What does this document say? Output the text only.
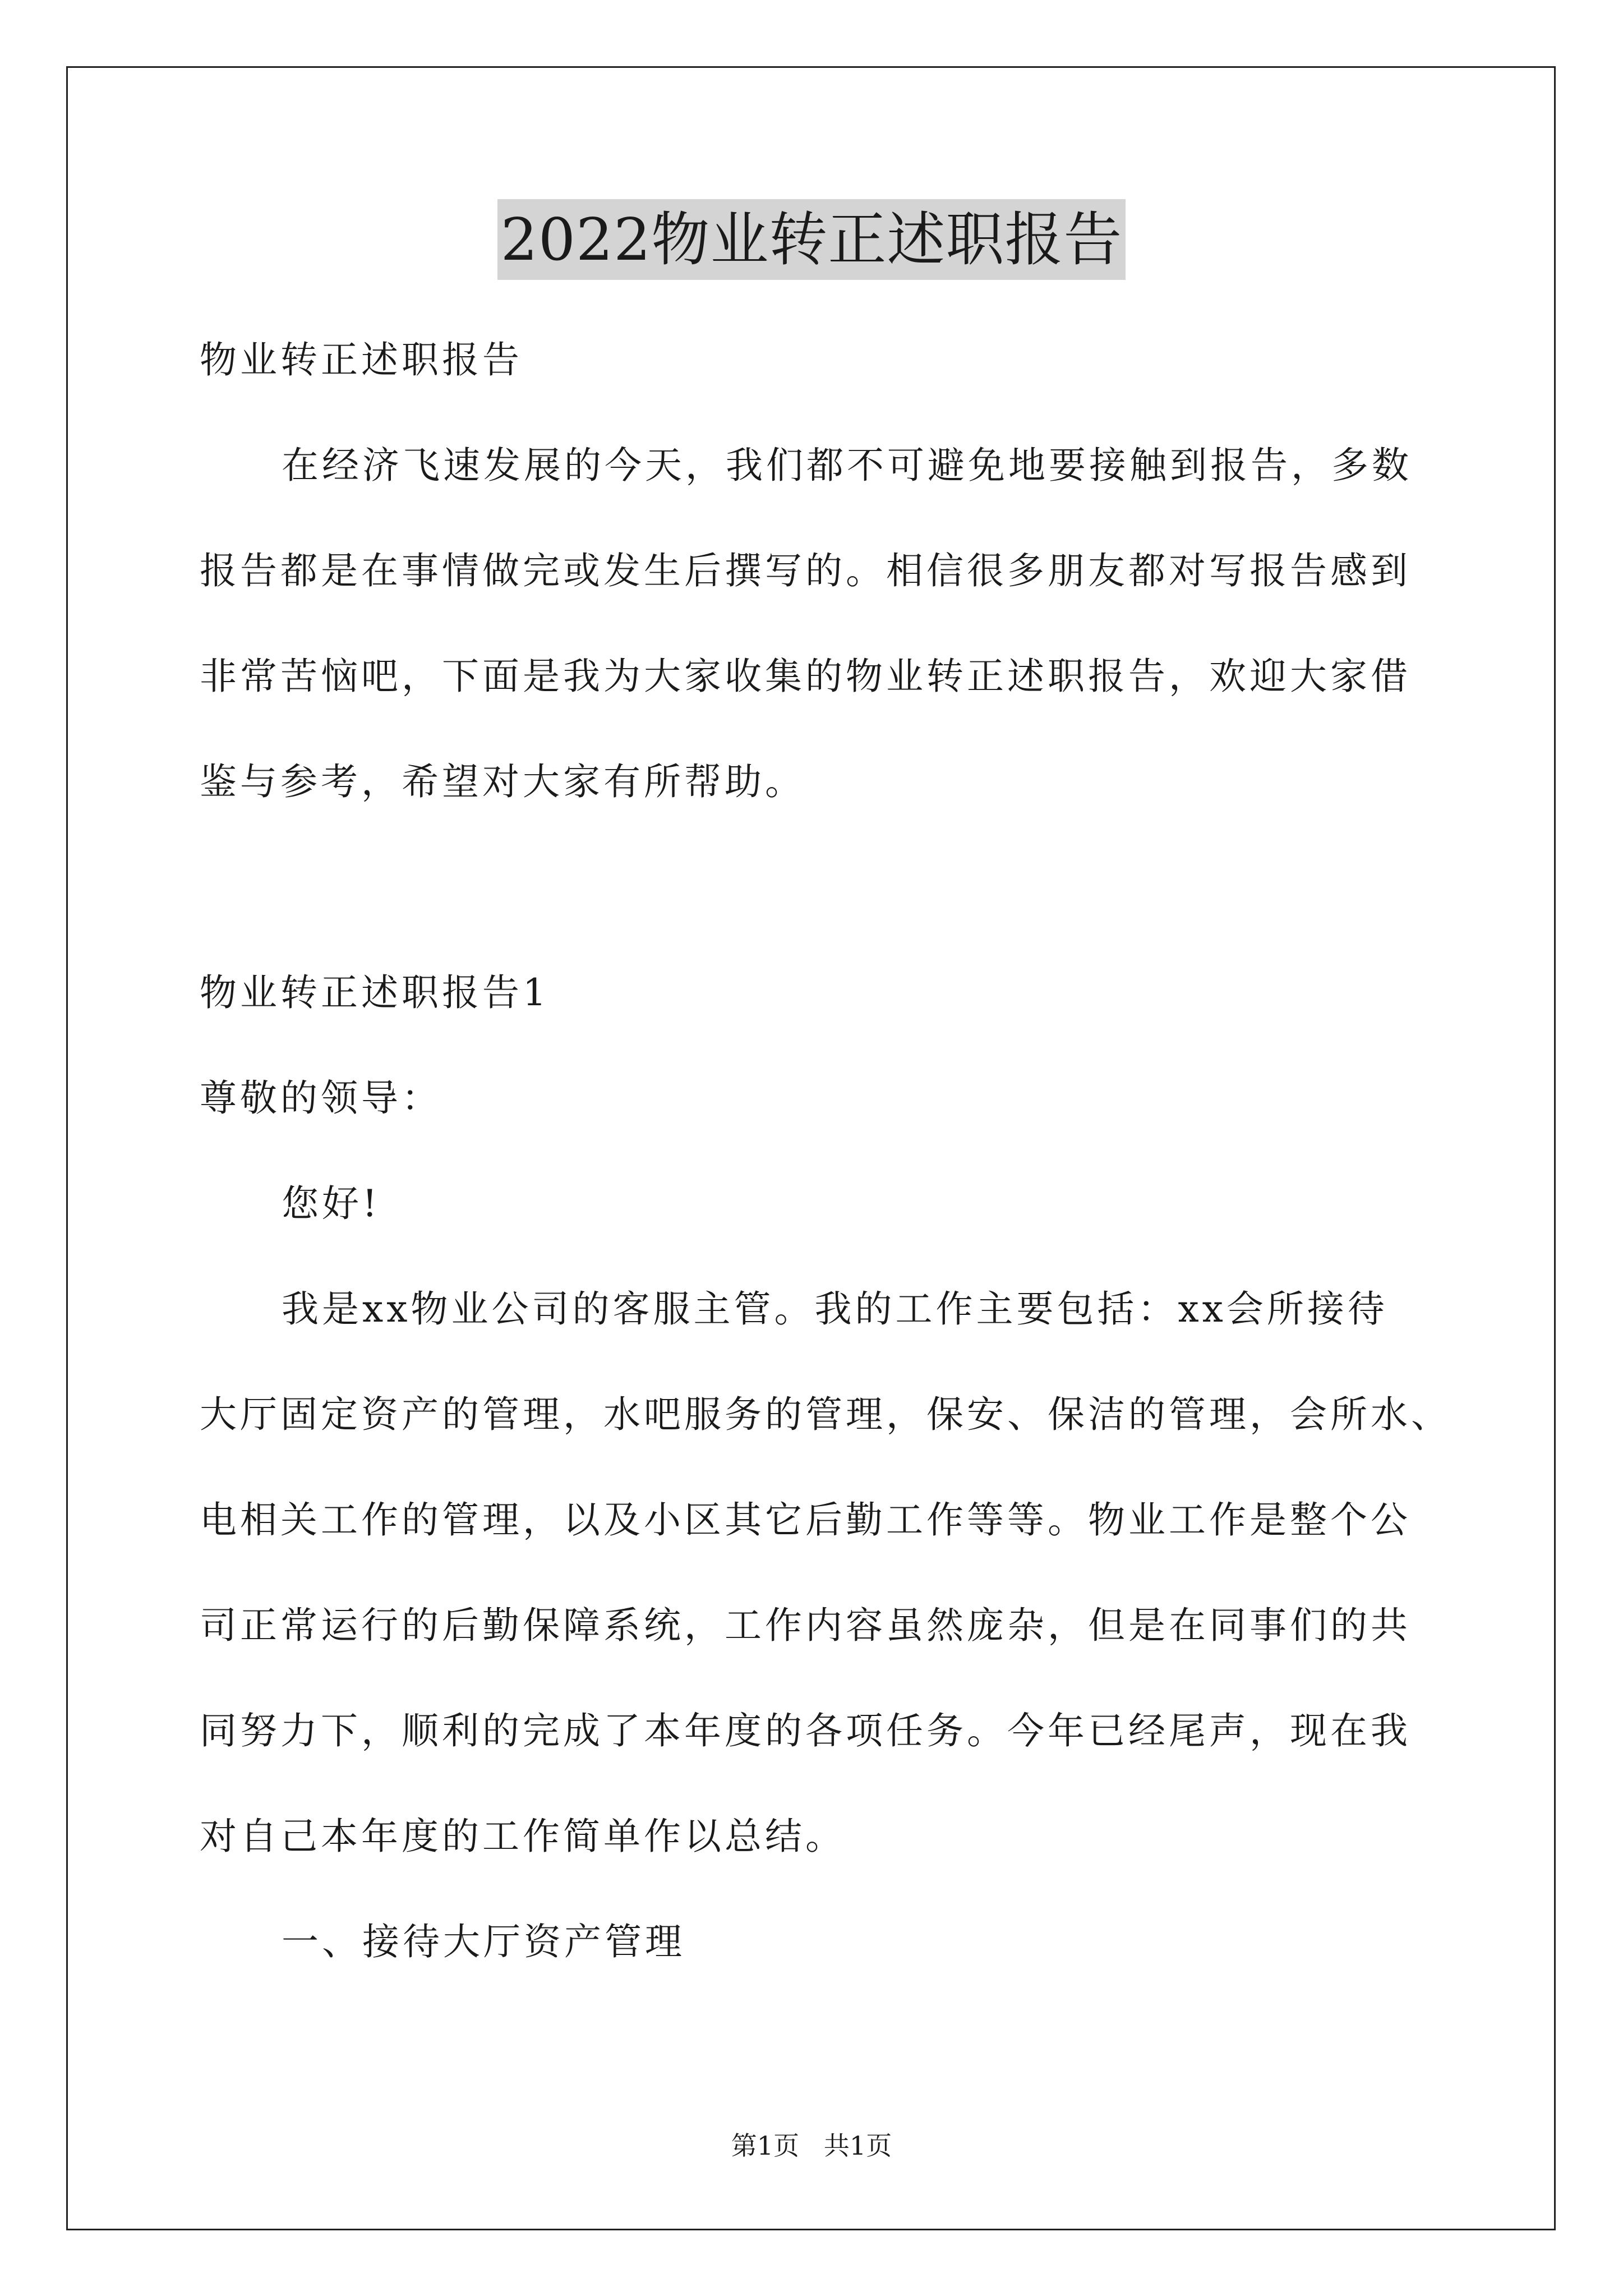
2022物业转正述职报告
物业转正述职报告
在经济飞速发展的今天，我们都不可避免地要接触到报告，多数
报告都是在事情做完或发生后撰写的。相信很多朋友都对写报告感到
非常苦恼吧，下面是我为大家收集的物业转正述职报告，欢迎大家借
鉴与参考，希望对大家有所帮助。
物业转正述职报告1
尊敬的领导：
您好!
我是xx物业公司的客服主管。我的工作主要包括：xx会所接待
大厅固定资产的管理，水吧服务的管理，保安、保洁的管理，会所水、
电相关工作的管理，以及小区其它后勤工作等等。物业工作是整个公
司正常运行的后勤保障系统，工作内容虽然庞杂，但是在同事们的共
同努力下，顺利的完成了本年度的各项任务。今年已经尾声，现在我
对自己本年度的工作简单作以总结。
一、接待大厅资产管理
第1页   共1页
